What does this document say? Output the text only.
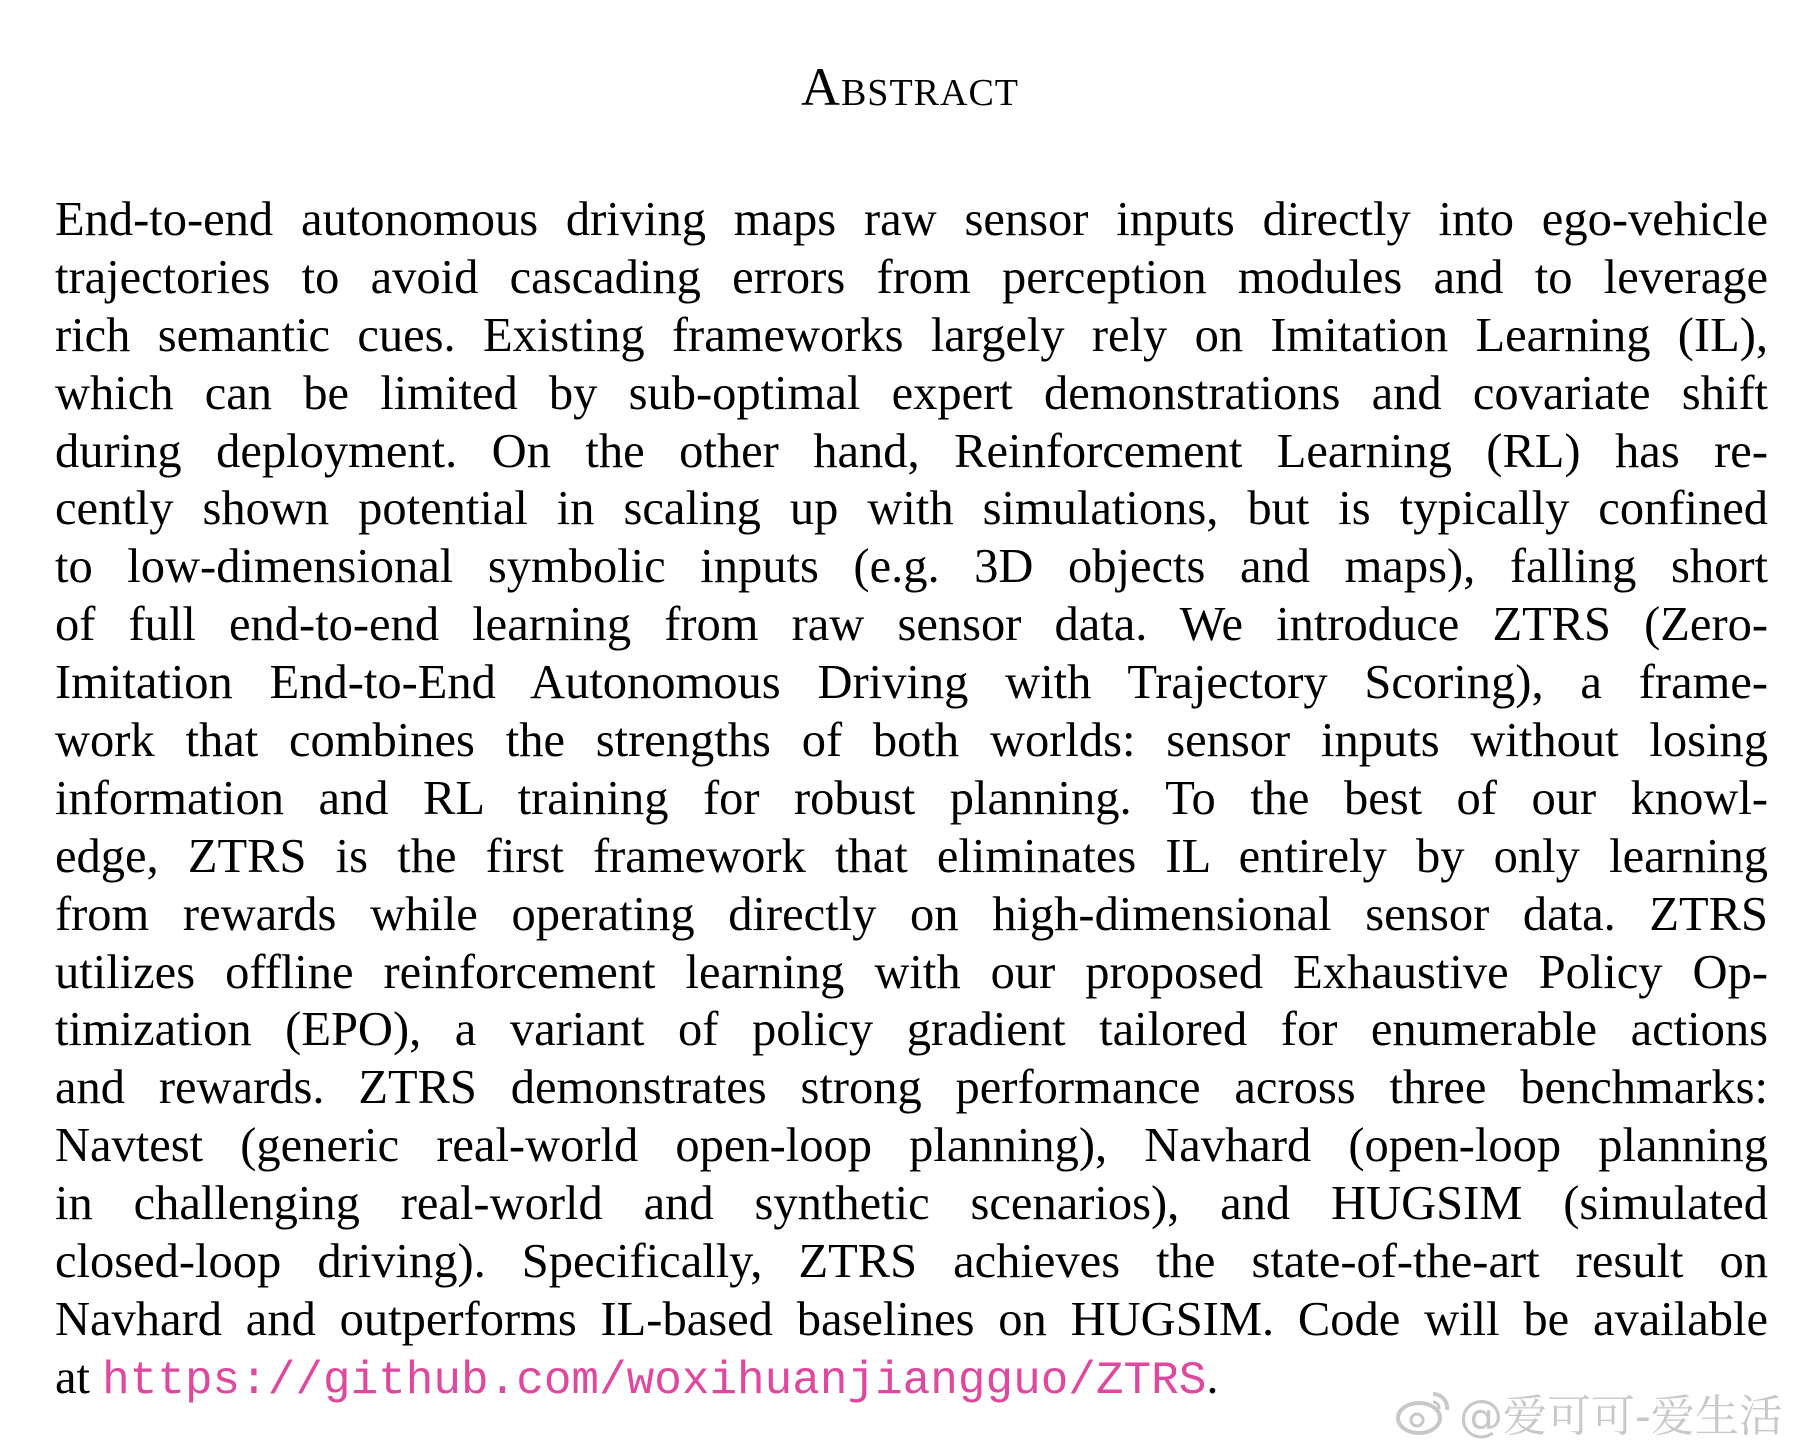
Abstract
End-to-end autonomous driving maps raw sensor inputs directly into ego-vehicle
trajectories to avoid cascading errors from perception modules and to leverage
rich semantic cues. Existing frameworks largely rely on Imitation Learning (IL),
which can be limited by sub-optimal expert demonstrations and covariate shift
during deployment. On the other hand, Reinforcement Learning (RL) has re-
cently shown potential in scaling up with simulations, but is typically confined
to low-dimensional symbolic inputs (e.g. 3D objects and maps), falling short
of full end-to-end learning from raw sensor data. We introduce ZTRS (Zero-
Imitation End-to-End Autonomous Driving with Trajectory Scoring), a frame-
work that combines the strengths of both worlds: sensor inputs without losing
information and RL training for robust planning. To the best of our knowl-
edge, ZTRS is the first framework that eliminates IL entirely by only learning
from rewards while operating directly on high-dimensional sensor data. ZTRS
utilizes offline reinforcement learning with our proposed Exhaustive Policy Op-
timization (EPO), a variant of policy gradient tailored for enumerable actions
and rewards. ZTRS demonstrates strong performance across three benchmarks:
Navtest (generic real-world open-loop planning), Navhard (open-loop planning
in challenging real-world and synthetic scenarios), and HUGSIM (simulated
closed-loop driving). Specifically, ZTRS achieves the state-of-the-art result on
Navhard and outperforms IL-based baselines on HUGSIM. Code will be available
at https://github.com/woxihuanjiangguo/ZTRS.
@爱可可-爱生活
